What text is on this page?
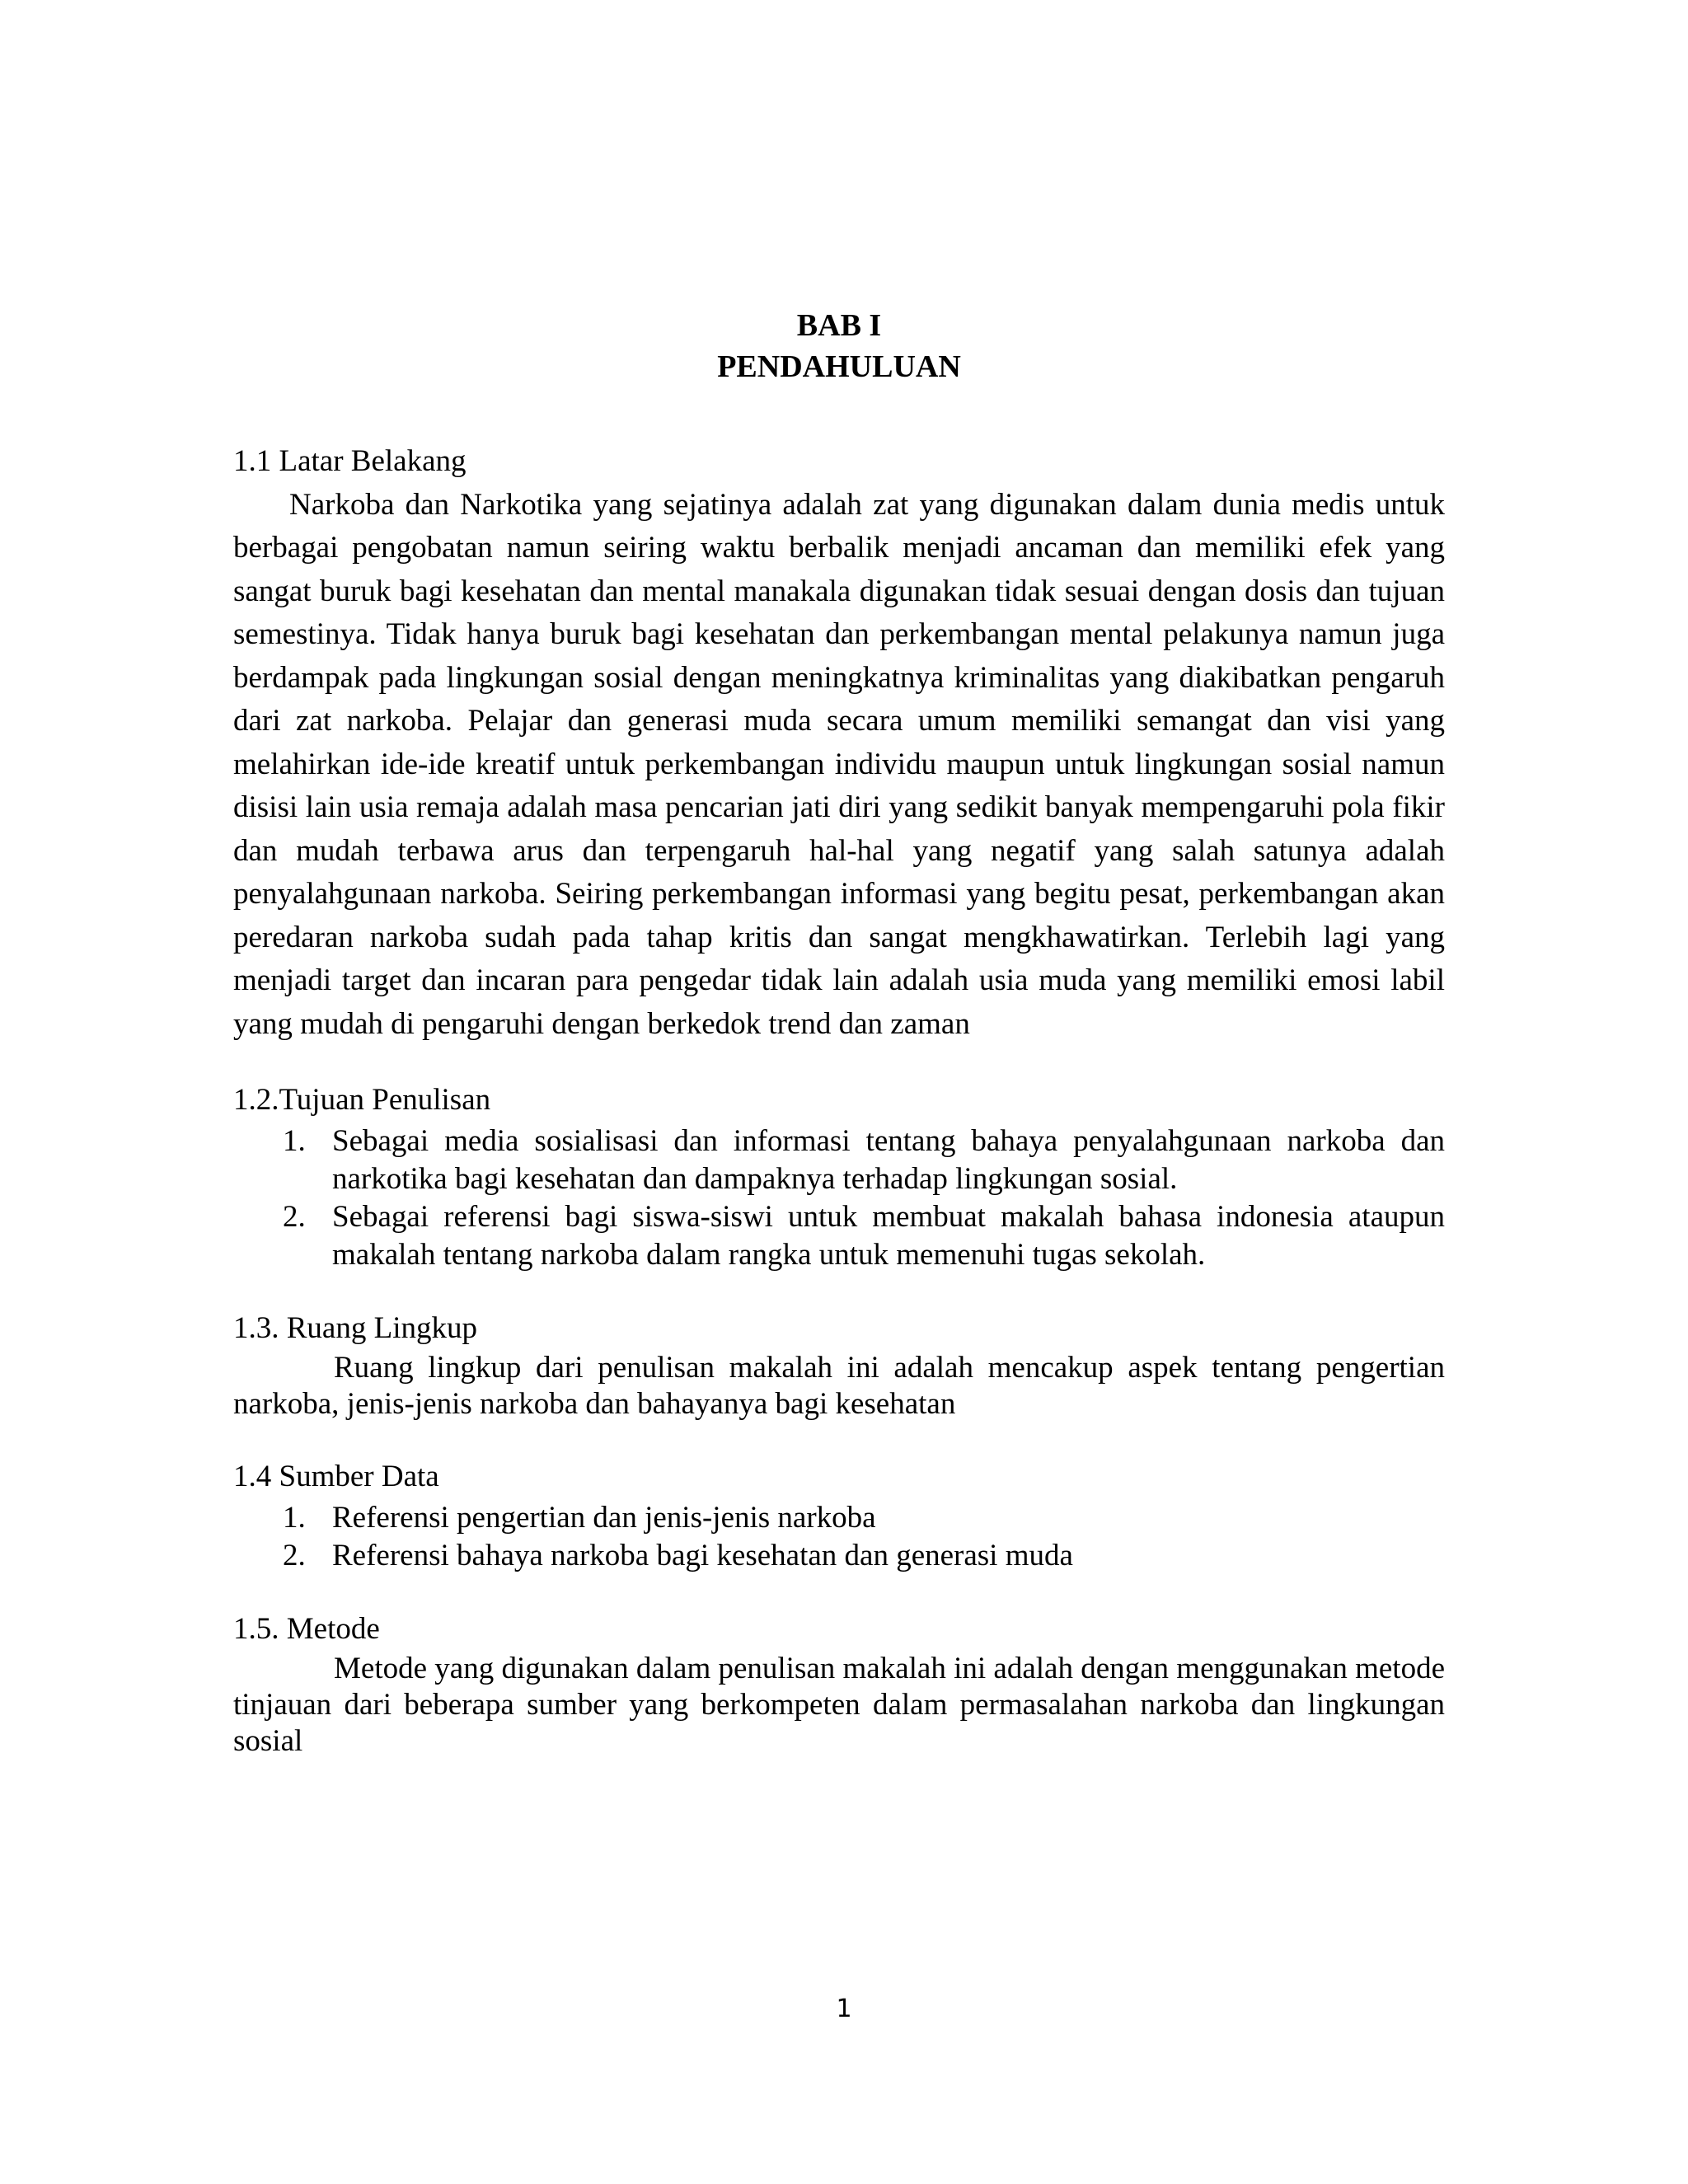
BAB I
PENDAHULUAN
1.1 Latar Belakang

Narkoba dan Narkotika yang sejatinya adalah zat yang digunakan dalam dunia medis untuk berbagai pengobatan namun seiring waktu berbalik menjadi ancaman dan memiliki efek yang sangat buruk bagi kesehatan dan mental manakala digunakan tidak sesuai dengan dosis dan tujuan semestinya. Tidak hanya buruk bagi kesehatan dan perkembangan mental pelakunya namun juga berdampak pada lingkungan sosial dengan meningkatnya kriminalitas yang diakibatkan pengaruh dari zat narkoba. Pelajar dan generasi muda secara umum memiliki semangat dan visi yang melahirkan ide-ide kreatif untuk perkembangan individu maupun untuk lingkungan sosial namun disisi lain usia remaja adalah masa pencarian jati diri yang sedikit banyak mempengaruhi pola fikir dan mudah terbawa arus dan terpengaruh hal-hal yang negatif yang salah satunya adalah penyalahgunaan narkoba. Seiring perkembangan informasi yang begitu pesat, perkembangan akan peredaran narkoba sudah pada tahap kritis dan sangat mengkhawatirkan. Terlebih lagi yang menjadi target dan incaran para pengedar tidak lain adalah usia muda yang memiliki emosi labil yang mudah di pengaruhi dengan berkedok trend dan zaman

1.2.Tujuan Penulisan
1. Sebagai media sosialisasi dan informasi tentang bahaya penyalahgunaan narkoba dan narkotika bagi kesehatan dan dampaknya terhadap lingkungan sosial.
2. Sebagai referensi bagi siswa-siswi untuk membuat makalah bahasa indonesia ataupun makalah tentang narkoba dalam rangka untuk memenuhi tugas sekolah.
1.3. Ruang Lingkup

Ruang lingkup dari penulisan makalah ini adalah mencakup aspek tentang pengertian narkoba, jenis-jenis narkoba dan bahayanya bagi kesehatan

1.4 Sumber Data
1. Referensi pengertian dan jenis-jenis narkoba
2. Referensi bahaya narkoba bagi kesehatan dan generasi muda
1.5. Metode

Metode yang digunakan dalam penulisan makalah ini adalah dengan menggunakan metode tinjauan dari beberapa sumber yang berkompeten dalam permasalahan narkoba dan lingkungan sosial

1
